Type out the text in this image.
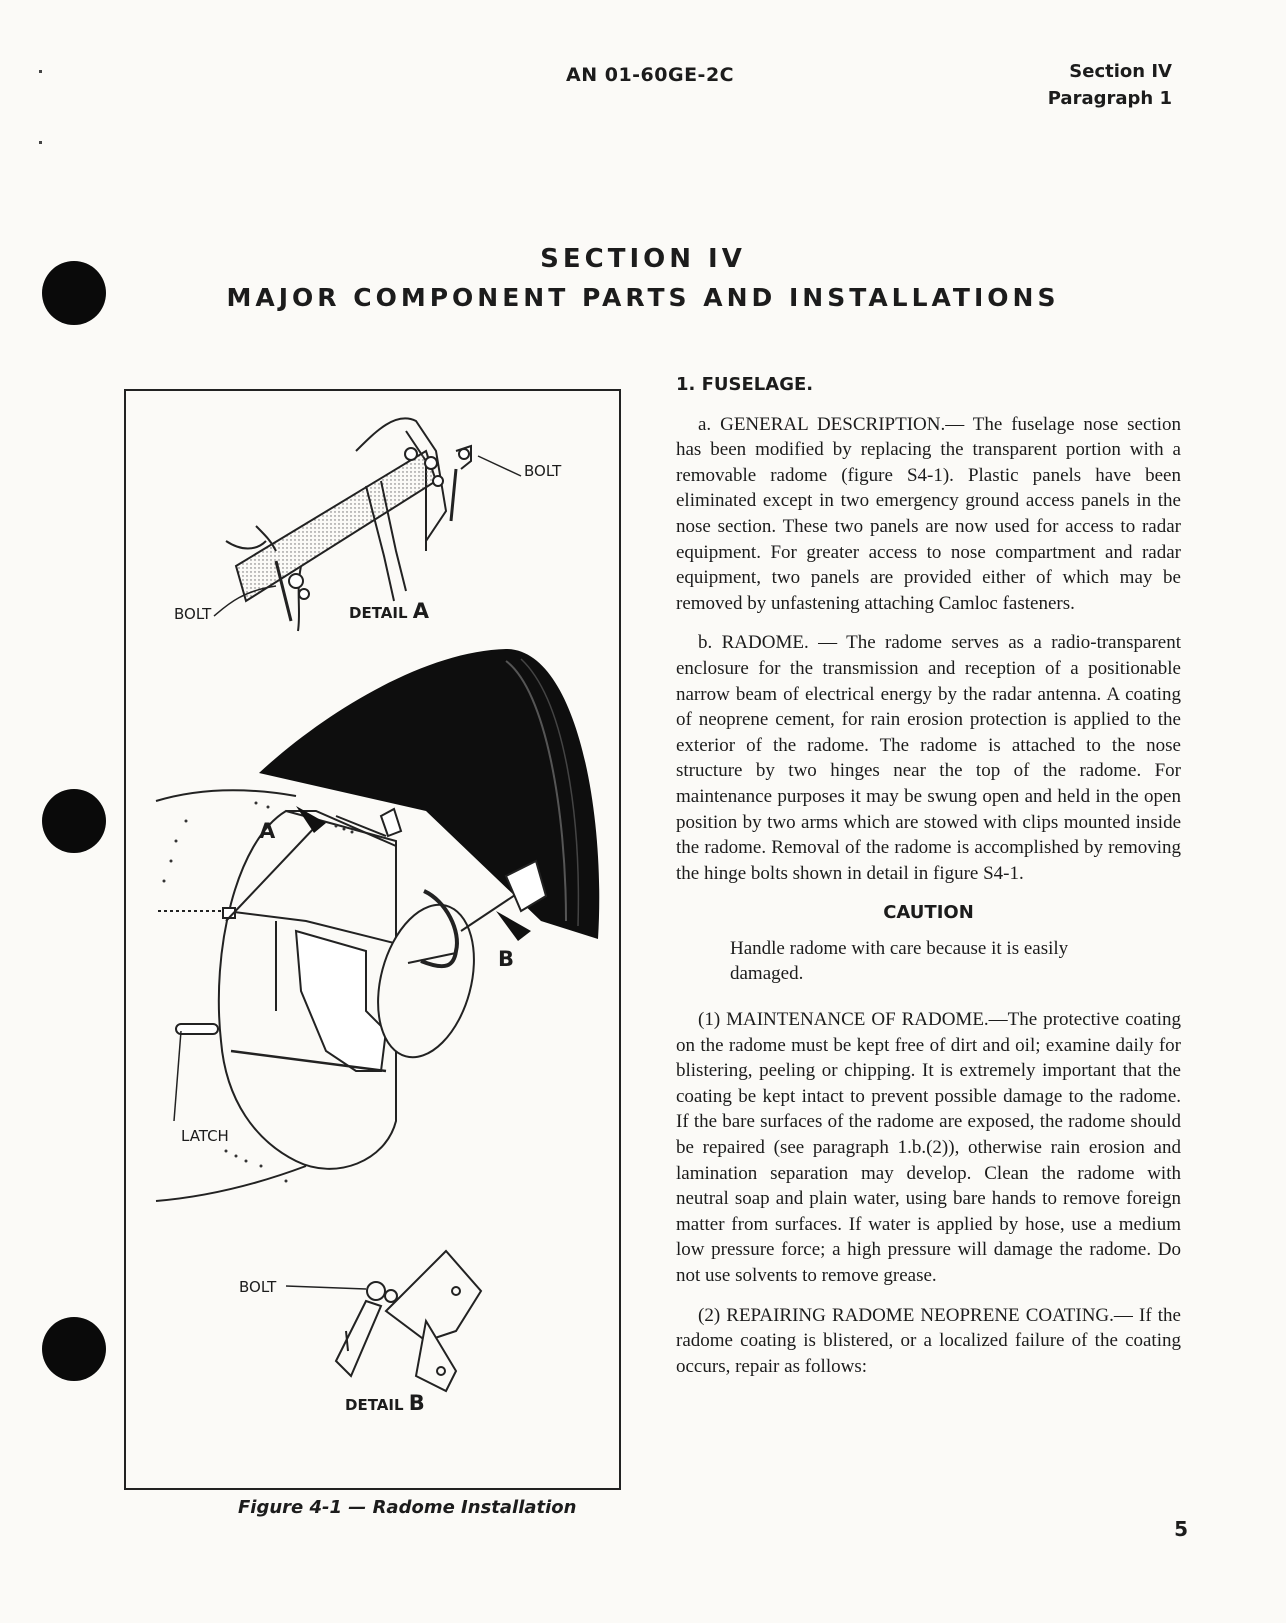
AN 01-60GE-2C	Section IV
Paragraph 1
SECTION IV
MAJOR COMPONENT PARTS AND INSTALLATIONS
BOLT
BOLT	DETAIL A
A
B
LATCH
BOLT
DETAIL B
Figure 4-1 — Radome Installation
1. FUSELAGE.

a. GENERAL DESCRIPTION.— The fuselage nose section has been modified by replacing the transparent portion with a removable radome (figure S4-1). Plastic panels have been eliminated except in two emergency ground access panels in the nose section. These two panels are now used for access to radar equipment. For greater access to nose compartment and radar equipment, two panels are provided either of which may be removed by unfastening attaching Camloc fasteners.

b. RADOME. — The radome serves as a radio-transparent enclosure for the transmission and reception of a positionable narrow beam of electrical energy by the radar antenna. A coating of neoprene cement, for rain erosion protection is applied to the exterior of the radome. The radome is attached to the nose structure by two hinges near the top of the radome. For maintenance purposes it may be swung open and held in the open position by two arms which are stowed with clips mounted inside the radome. Removal of the radome is accomplished by removing the hinge bolts shown in detail in figure S4-1.

CAUTION

Handle radome with care because it is easily damaged.

(1) MAINTENANCE OF RADOME.—The protective coating on the radome must be kept free of dirt and oil; examine daily for blistering, peeling or chipping. It is extremely important that the coating be kept intact to prevent possible damage to the radome. If the bare surfaces of the radome are exposed, the radome should be repaired (see paragraph 1.b.(2)), otherwise rain erosion and lamination separation may develop. Clean the radome with neutral soap and plain water, using bare hands to remove foreign matter from surfaces. If water is applied by hose, use a medium low pressure force; a high pressure will damage the radome. Do not use solvents to remove grease.

(2) REPAIRING RADOME NEOPRENE COATING.— If the radome coating is blistered, or a localized failure of the coating occurs, repair as follows:

5
